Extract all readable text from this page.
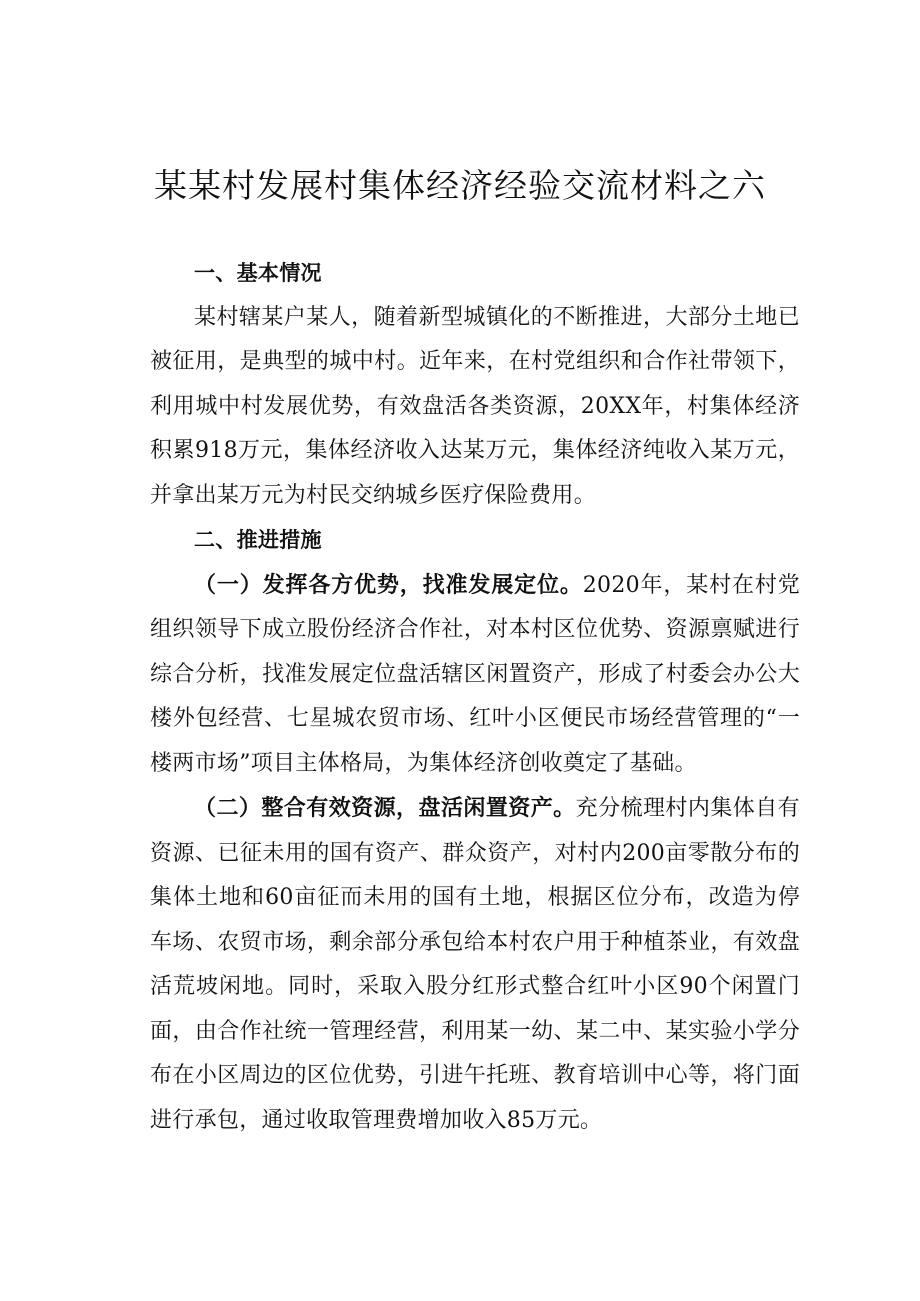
某某村发展村集体经济经验交流材料之六
一、基本情况

某村辖某户某人，随着新型城镇化的不断推进，大部分土地已被征用，是典型的城中村。近年来，在村党组织和合作社带领下，利用城中村发展优势，有效盘活各类资源，20XX年，村集体经济积累918万元，集体经济收入达某万元，集体经济纯收入某万元，并拿出某万元为村民交纳城乡医疗保险费用。

二、推进措施

（一）发挥各方优势，找准发展定位。2020年，某村在村党组织领导下成立股份经济合作社，对本村区位优势、资源禀赋进行综合分析，找准发展定位盘活辖区闲置资产，形成了村委会办公大楼外包经营、七星城农贸市场、红叶小区便民市场经营管理的“一楼两市场”项目主体格局，为集体经济创收奠定了基础。

（二）整合有效资源，盘活闲置资产。充分梳理村内集体自有资源、已征未用的国有资产、群众资产，对村内200亩零散分布的集体土地和60亩征而未用的国有土地，根据区位分布，改造为停车场、农贸市场，剩余部分承包给本村农户用于种植茶业，有效盘活荒坡闲地。同时，采取入股分红形式整合红叶小区90个闲置门面，由合作社统一管理经营，利用某一幼、某二中、某实验小学分布在小区周边的区位优势，引进午托班、教育培训中心等，将门面进行承包，通过收取管理费增加收入85万元。
